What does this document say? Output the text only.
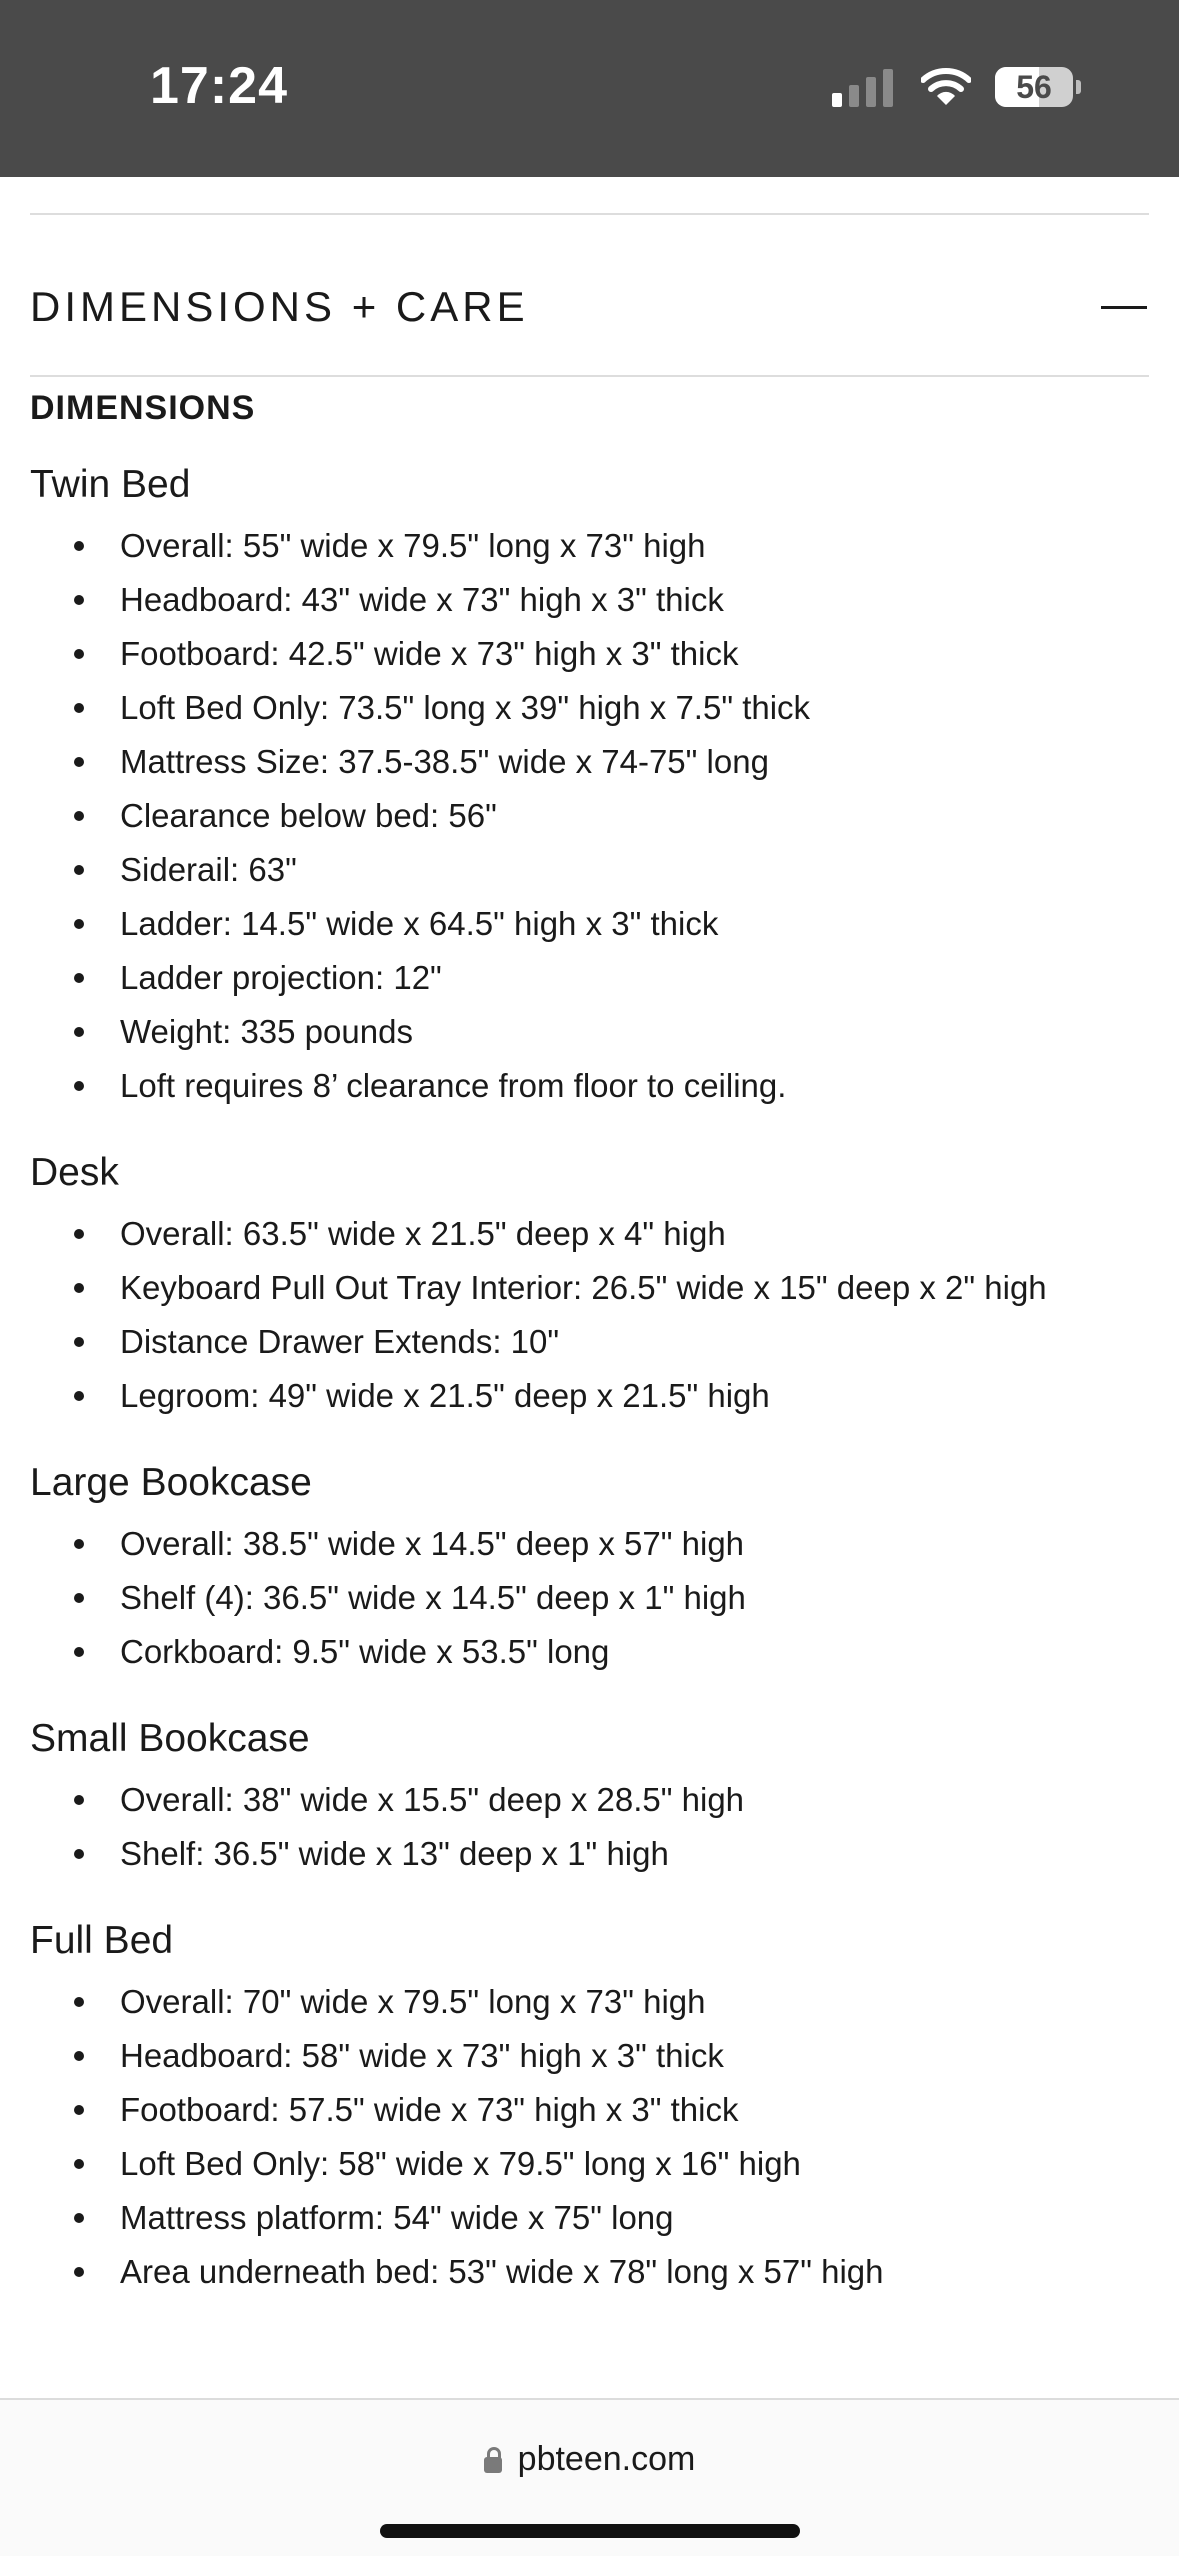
17:24	56
DIMENSIONS + CARE
DIMENSIONS
Twin Bed
Overall: 55" wide x 79.5" long x 73" high
Headboard: 43" wide x 73" high x 3" thick
Footboard: 42.5" wide x 73" high x 3" thick
Loft Bed Only: 73.5" long x 39" high x 7.5" thick
Mattress Size: 37.5-38.5" wide x 74-75" long
Clearance below bed: 56"
Siderail: 63"
Ladder: 14.5" wide x 64.5" high x 3" thick
Ladder projection: 12"
Weight: 335 pounds
Loft requires 8’ clearance from floor to ceiling.
Desk
Overall: 63.5" wide x 21.5" deep x 4" high
Keyboard Pull Out Tray Interior: 26.5" wide x 15" deep x 2" high
Distance Drawer Extends: 10"
Legroom: 49" wide x 21.5" deep x 21.5" high
Large Bookcase
Overall: 38.5" wide x 14.5" deep x 57" high
Shelf (4): 36.5" wide x 14.5" deep x 1" high
Corkboard: 9.5" wide x 53.5" long
Small Bookcase
Overall: 38" wide x 15.5" deep x 28.5" high
Shelf: 36.5" wide x 13" deep x 1" high
Full Bed
Overall: 70" wide x 79.5" long x 73" high
Headboard: 58" wide x 73" high x 3" thick
Footboard: 57.5" wide x 73" high x 3" thick
Loft Bed Only: 58" wide x 79.5" long x 16" high
Mattress platform: 54" wide x 75" long
Area underneath bed: 53" wide x 78" long x 57" high
pbteen.com
